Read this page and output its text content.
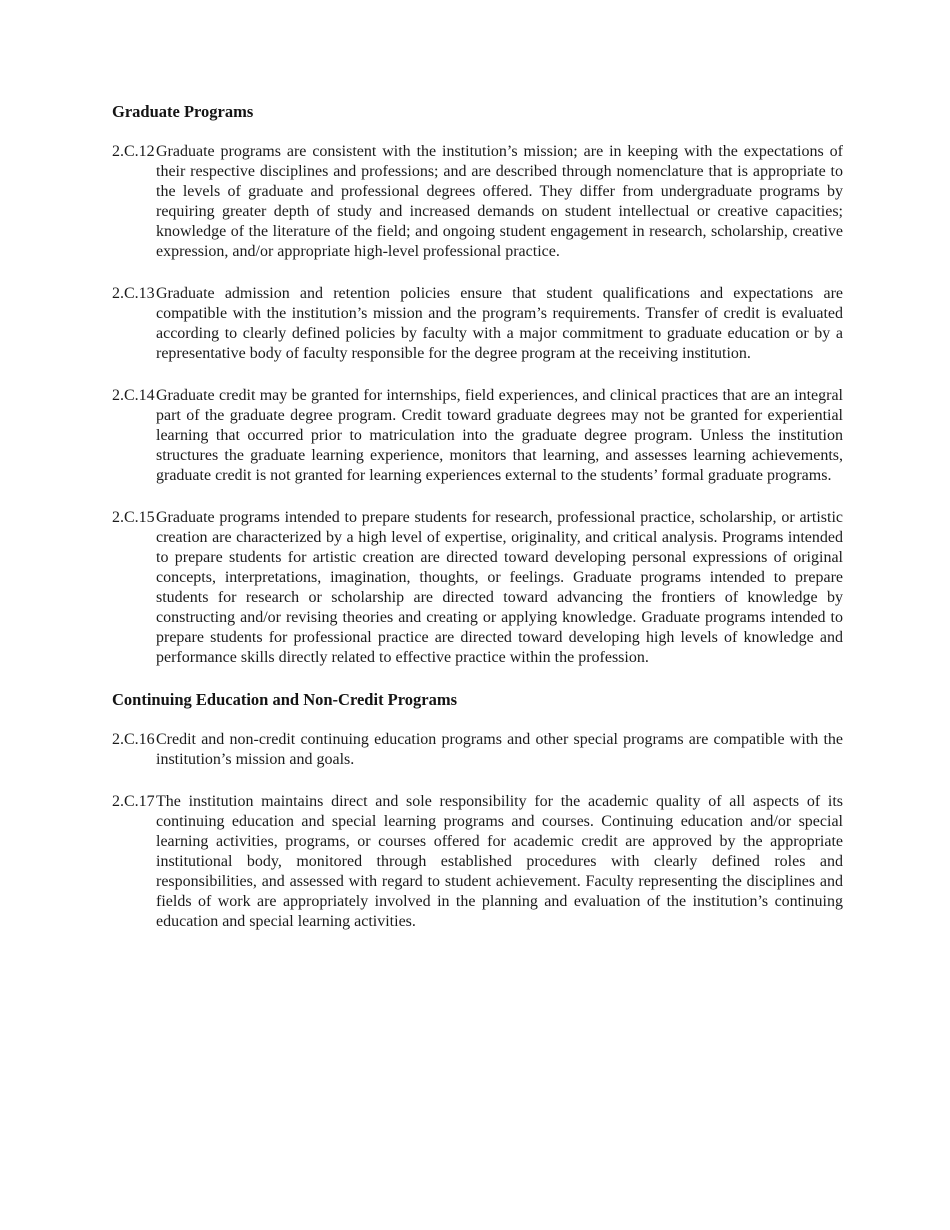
Graduate Programs
2.C.12 Graduate programs are consistent with the institution’s mission; are in keeping with the expectations of their respective disciplines and professions; and are described through nomenclature that is appropriate to the levels of graduate and professional degrees offered. They differ from undergraduate programs by requiring greater depth of study and increased demands on student intellectual or creative capacities; knowledge of the literature of the field; and ongoing student engagement in research, scholarship, creative expression, and/or appropriate high-level professional practice.

2.C.13 Graduate admission and retention policies ensure that student qualifications and expectations are compatible with the institution’s mission and the program’s requirements. Transfer of credit is evaluated according to clearly defined policies by faculty with a major commitment to graduate education or by a representative body of faculty responsible for the degree program at the receiving institution.

2.C.14 Graduate credit may be granted for internships, field experiences, and clinical practices that are an integral part of the graduate degree program. Credit toward graduate degrees may not be granted for experiential learning that occurred prior to matriculation into the graduate degree program. Unless the institution structures the graduate learning experience, monitors that learning, and assesses learning achievements, graduate credit is not granted for learning experiences external to the students’ formal graduate programs.

2.C.15 Graduate programs intended to prepare students for research, professional practice, scholarship, or artistic creation are characterized by a high level of expertise, originality, and critical analysis. Programs intended to prepare students for artistic creation are directed toward developing personal expressions of original concepts, interpretations, imagination, thoughts, or feelings. Graduate programs intended to prepare students for research or scholarship are directed toward advancing the frontiers of knowledge by constructing and/or revising theories and creating or applying knowledge. Graduate programs intended to prepare students for professional practice are directed toward developing high levels of knowledge and performance skills directly related to effective practice within the profession.

Continuing Education and Non-Credit Programs
2.C.16 Credit and non-credit continuing education programs and other special programs are compatible with the institution’s mission and goals.

2.C.17 The institution maintains direct and sole responsibility for the academic quality of all aspects of its continuing education and special learning programs and courses. Continuing education and/or special learning activities, programs, or courses offered for academic credit are approved by the appropriate institutional body, monitored through established procedures with clearly defined roles and responsibilities, and assessed with regard to student achievement. Faculty representing the disciplines and fields of work are appropriately involved in the planning and evaluation of the institution’s continuing education and special learning activities.
